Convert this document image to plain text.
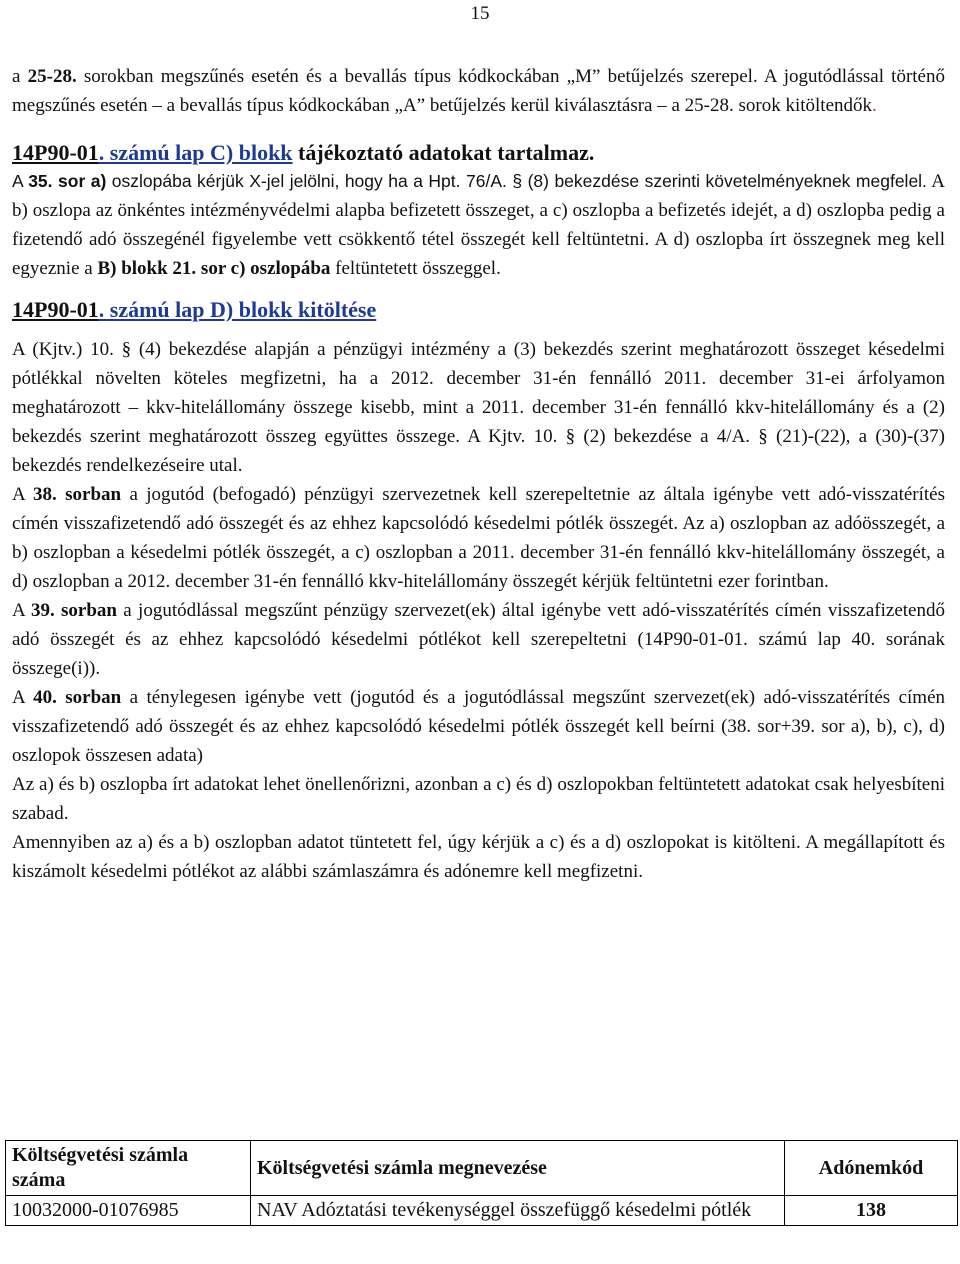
15

a 25-28. sorokban megszűnés esetén és a bevallás típus kódkockában „M” betűjelzés szerepel. A jogutódlással történő megszűnés esetén – a bevallás típus kódkockában „A” betűjelzés kerül kiválasztásra – a 25-28. sorok kitöltendők.

14P90-01. számú lap C) blokk tájékoztató adatokat tartalmaz.

A 35. sor a) oszlopába kérjük X-jel jelölni, hogy ha a Hpt. 76/A. § (8) bekezdése szerinti követelményeknek megfelel. A b) oszlopa az önkéntes intézményvédelmi alapba befizetett összeget, a c) oszlopba a befizetés idejét, a d) oszlopba pedig a fizetendő adó összegénél figyelembe vett csökkentő tétel összegét kell feltüntetni. A d) oszlopba írt összegnek meg kell egyeznie a B) blokk 21. sor c) oszlopába feltüntetett összeggel.

14P90-01. számú lap D) blokk kitöltése

A (Kjtv.) 10. § (4) bekezdése alapján a pénzügyi intézmény a (3) bekezdés szerint meghatározott összeget késedelmi pótlékkal növelten köteles megfizetni, ha a 2012. december 31-én fennálló 2011. december 31-ei árfolyamon meghatározott – kkv-hitelállomány összege kisebb, mint a 2011. december 31-én fennálló kkv-hitelállomány és a (2) bekezdés szerint meghatározott összeg együttes összege. A Kjtv. 10. § (2) bekezdése a 4/A. § (21)-(22), a (30)-(37) bekezdés rendelkezéseire utal.

A 38. sorban a jogutód (befogadó) pénzügyi szervezetnek kell szerepeltetnie az általa igénybe vett adó-visszatérítés címén visszafizetendő adó összegét és az ehhez kapcsolódó késedelmi pótlék összegét. Az a) oszlopban az adóösszegét, a b) oszlopban a késedelmi pótlék összegét, a c) oszlopban a 2011. december 31-én fennálló kkv-hitelállomány összegét, a d) oszlopban a 2012. december 31-én fennálló kkv-hitelállomány összegét kérjük feltüntetni ezer forintban.

A 39. sorban a jogutódlással megszűnt pénzügy szervezet(ek) által igénybe vett adó-visszatérítés címén visszafizetendő adó összegét és az ehhez kapcsolódó késedelmi pótlékot kell szerepeltetni (14P90-01-01. számú lap 40. sorának összege(i)).

A 40. sorban a ténylegesen igénybe vett (jogutód és a jogutódlással megszűnt szervezet(ek) adó-visszatérítés címén visszafizetendő adó összegét és az ehhez kapcsolódó késedelmi pótlék összegét kell beírni (38. sor+39. sor a), b), c), d) oszlopok összesen adata)

Az a) és b) oszlopba írt adatokat lehet önellenőrizni, azonban a c) és d) oszlopokban feltüntetett adatokat csak helyesbíteni szabad.

Amennyiben az a) és a b) oszlopban adatot tüntetett fel, úgy kérjük a c) és a d) oszlopokat is kitölteni. A megállapított és kiszámolt késedelmi pótlékot az alábbi számlaszámra és adónemre kell megfizetni.

Költségvetési számla száma	Költségvetési számla megnevezése	Adónemkód
10032000-01076985	NAV Adóztatási tevékenységgel összefüggő késedelmi pótlék	138
